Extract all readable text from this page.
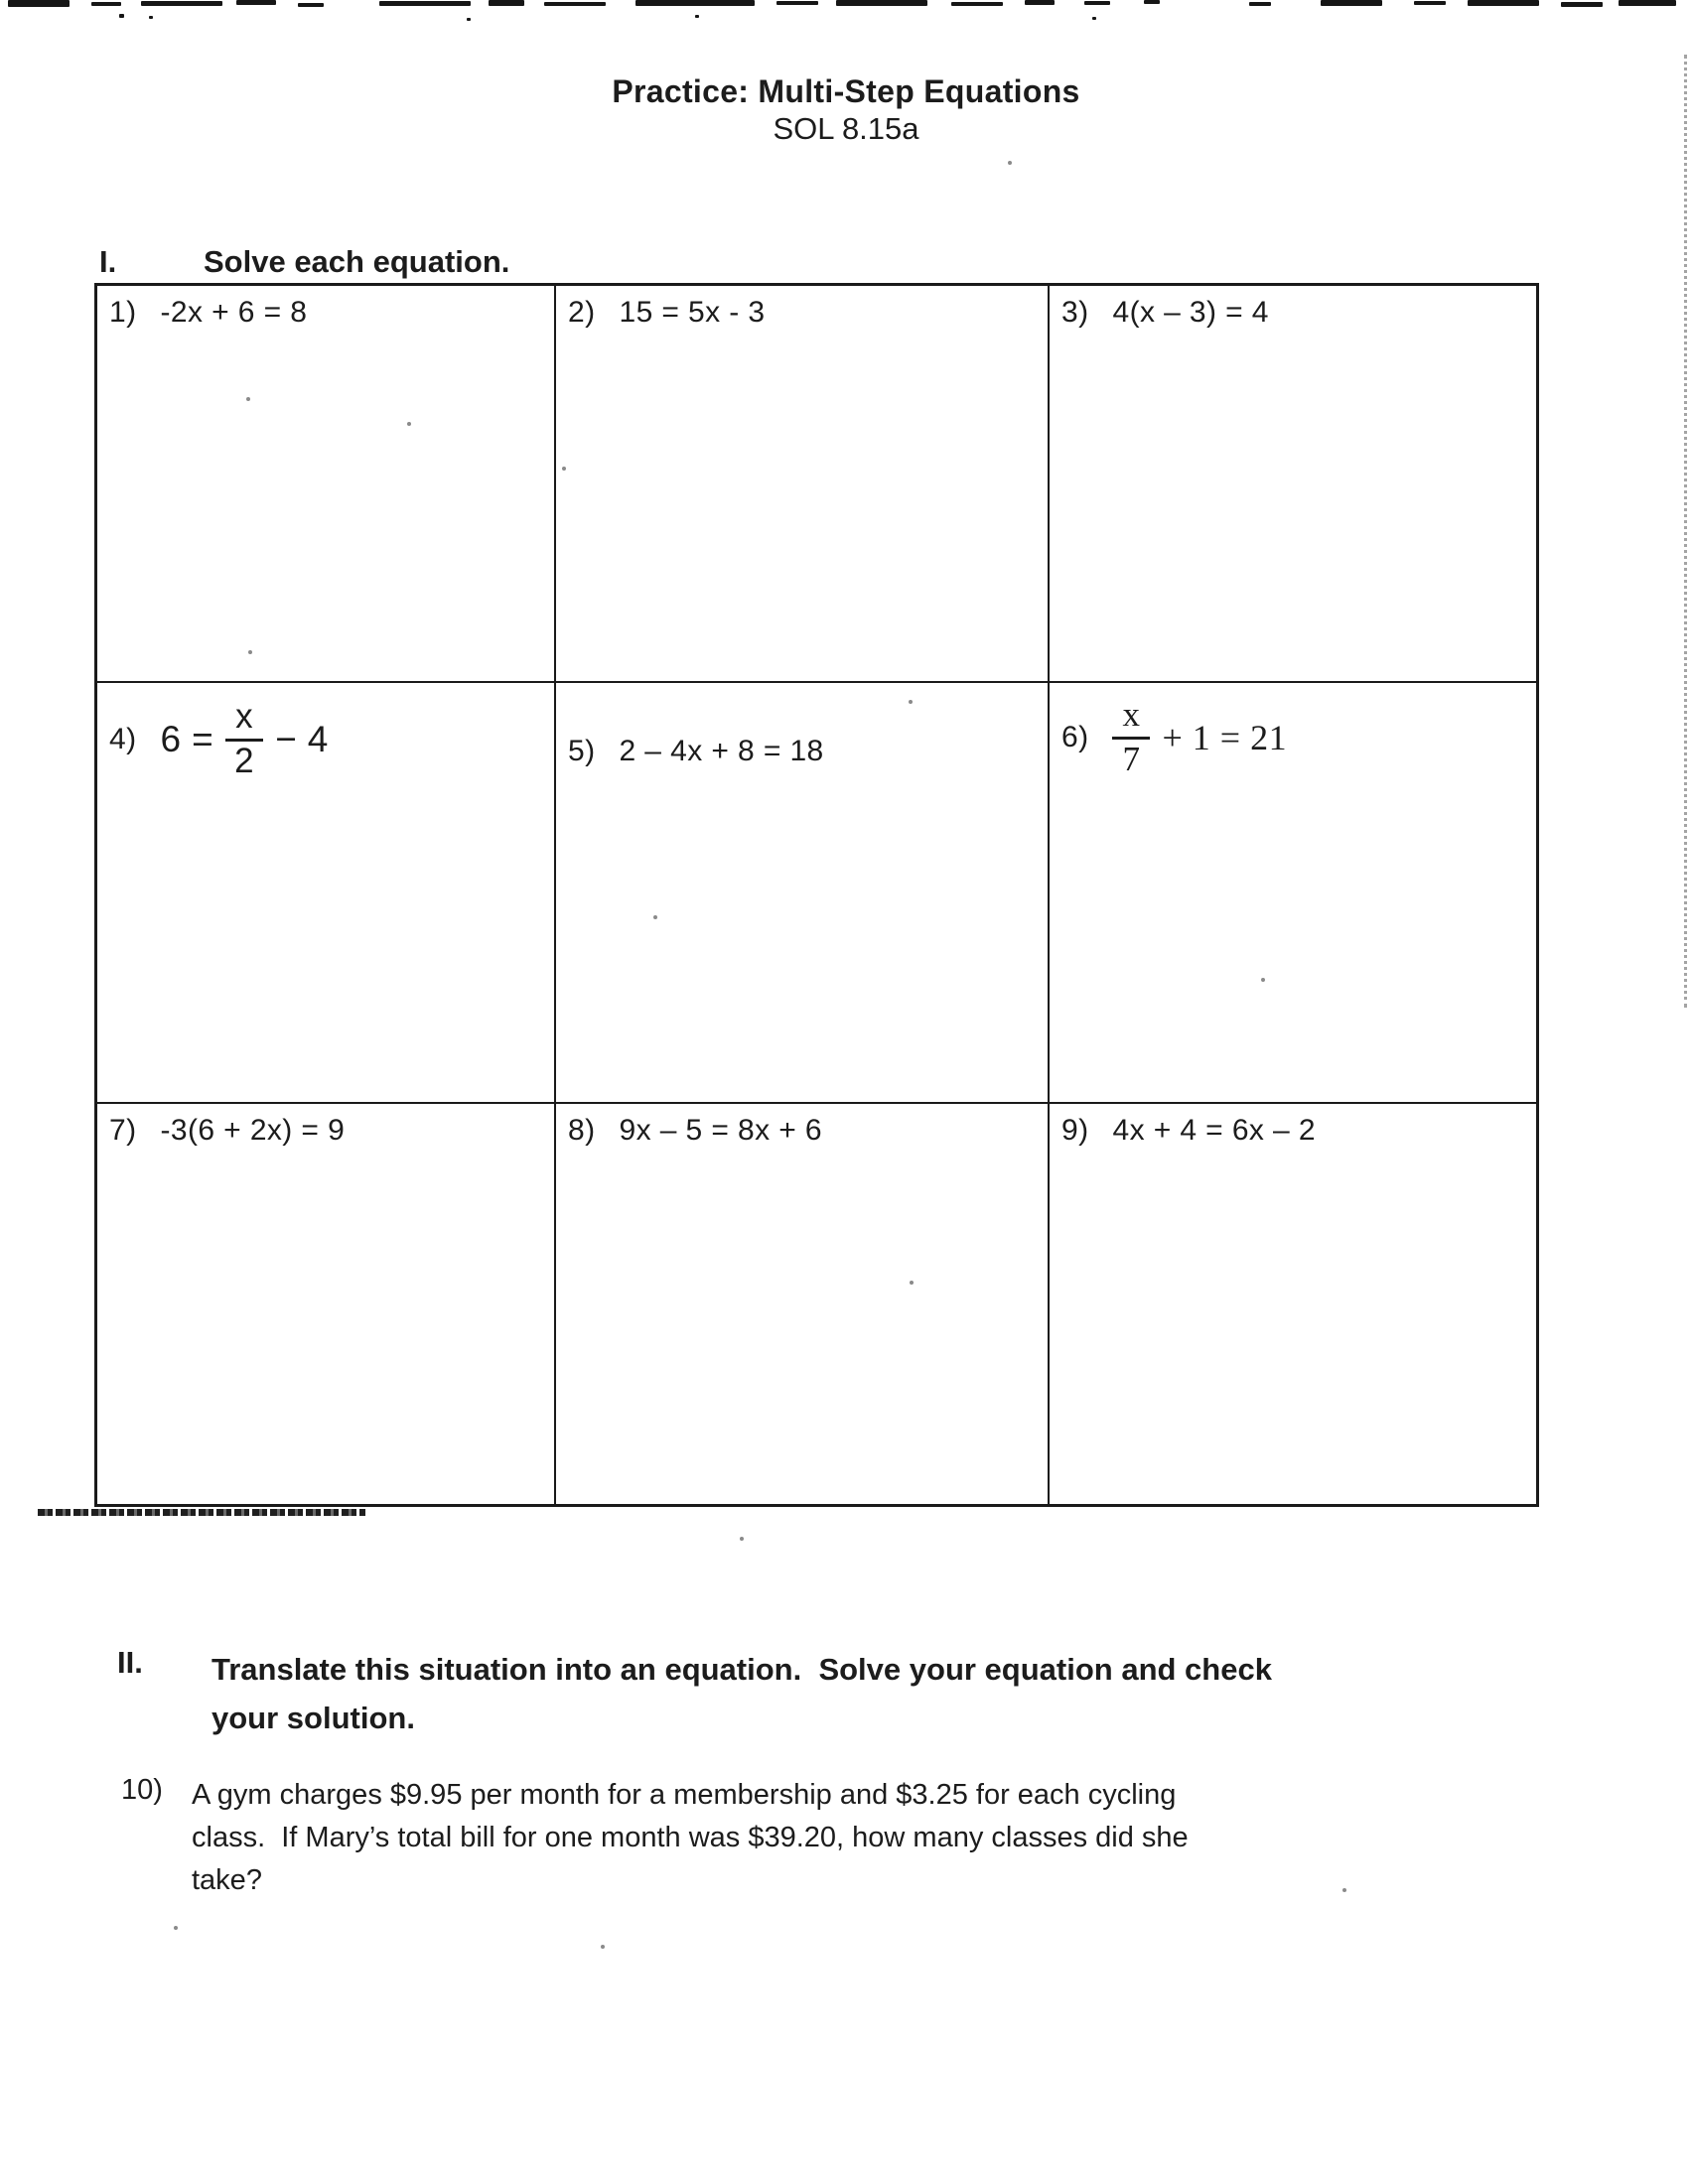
Practice: Multi-Step Equations
SOL 8.15a
I.	Solve each equation.
1) -2x + 6 = 8	2) 15 = 5x - 3	3) 4(x – 3) = 4
4) $6 = \frac{x}{2} - 4$	5) 2 – 4x + 8 = 18	$6) \frac{x}{7} + 1 = 21$
7) -3(6 + 2x) = 9	8) 9x – 5 = 8x + 6	9) 4x + 4 = 6x – 2
II. Translate this situation into an equation.  Solve your equation and check
your solution.
10) A gym charges $9.95 per month for a membership and $3.25 for each cycling
class.  If Mary’s total bill for one month was $39.20, how many classes did she
take?
